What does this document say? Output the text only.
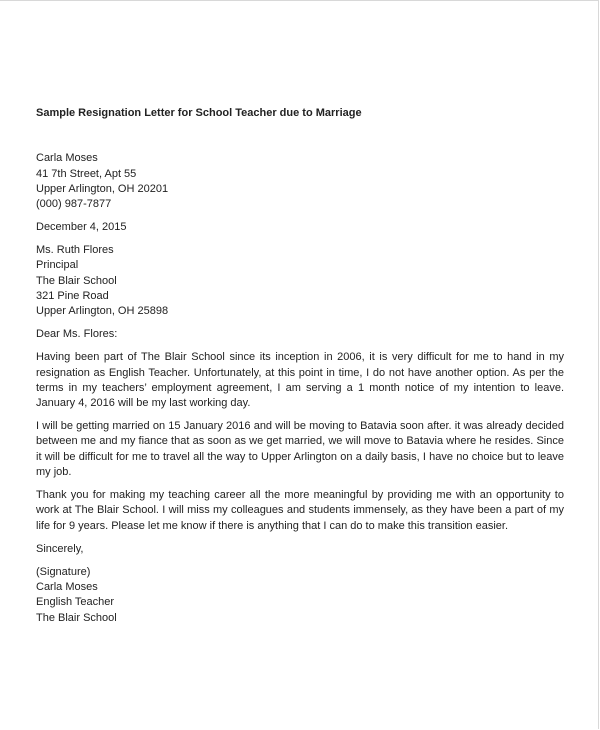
Sample Resignation Letter for School Teacher due to Marriage
Carla Moses
41 7th Street, Apt 55
Upper Arlington, OH 20201
(000) 987-7877
December 4, 2015
Ms. Ruth Flores
Principal
The Blair School
321 Pine Road
Upper Arlington, OH 25898
Dear Ms. Flores:

Having been part of The Blair School since its inception in 2006, it is very difficult for me to hand in my resignation as English Teacher. Unfortunately, at this point in time, I do not have another option. As per the terms in my teachers’ employment agreement, I am serving a 1 month notice of my intention to leave. January 4, 2016 will be my last working day.

I will be getting married on 15 January 2016 and will be moving to Batavia soon after. it was already decided between me and my fiance that as soon as we get married, we will move to Batavia where he resides. Since it will be difficult for me to travel all the way to Upper Arlington on a daily basis, I have no choice but to leave my job.

Thank you for making my teaching career all the more meaningful by providing me with an opportunity to work at The Blair School. I will miss my colleagues and students immensely, as they have been a part of my life for 9 years. Please let me know if there is anything that I can do to make this transition easier.

Sincerely,
(Signature)
Carla Moses
English Teacher
The Blair School
